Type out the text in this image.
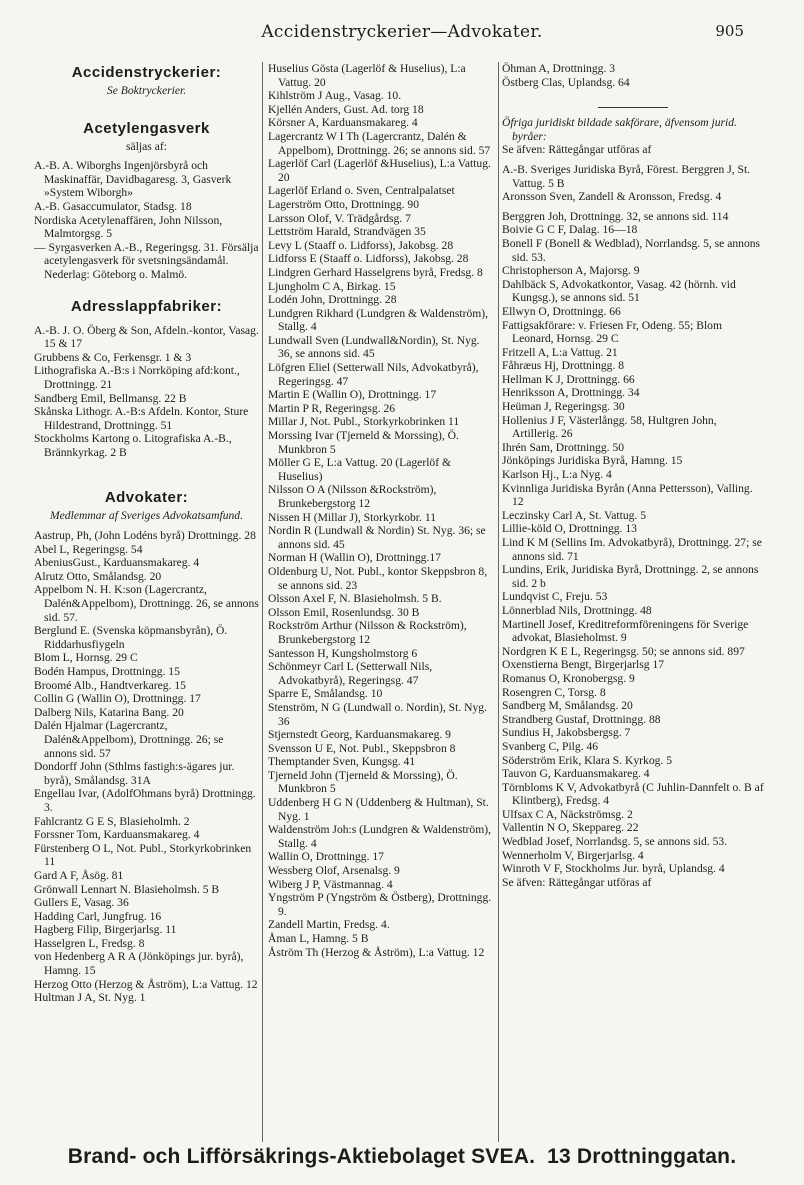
Accidenstryckerier—Advokater.	905

Accidenstryckerier:

Se Boktryckerier.

Acetylengasverk

säljas af:

A.-B. A. Wiborghs Ingenjörsbyrå och Maskinaffär, Davidbagaresg. 3, Gasverk »System Wiborgh»

A.-B. Gasaccumulator, Stadsg. 18

Nordiska Acetylenaffären, John Nilsson, Malmtorgsg. 5

— Syrgasverken A.-B., Regeringsg. 31. Försälja acetylengasverk för svetsningsändamål. Nederlag: Göteborg o. Malmö.

Adresslappfabriker:

A.-B. J. O. Öberg & Son, Afdeln.-kontor, Vasag. 15 & 17

Grubbens & Co, Ferkensgr. 1 & 3

Lithografiska A.-B:s i Norrköping afd:kont., Drottningg. 21

Sandberg Emil, Bellmansg. 22 B

Skånska Lithogr. A.-B:s Afdeln. Kontor, Sture Hildestrand, Drottningg. 51

Stockholms Kartong o. Litografiska A.-B., Brännkyrkag. 2 B

Advokater:

Medlemmar af Sveriges Advokatsamfund.

Aastrup, Ph, (John Lodéns byrå) Drottningg. 28

Abel L, Regeringsg. 54

AbeniusGust., Karduansmakareg. 4

Alrutz Otto, Smålandsg. 20

Appelbom N. H. K:son (Lagercrantz, Dalén&Appelbom), Drottningg. 26, se annons sid. 57.

Berglund E. (Svenska köpmansbyrån), Ö. Riddarhusfiygeln

Blom L, Hornsg. 29 C

Bodén Hampus, Drottningg. 15

Broomé Alb., Handtverkareg. 15

Collin G (Wallin O), Drottningg. 17

Dalberg Nils, Katarina Bang. 20

Dalén Hjalmar (Lagercrantz, Dalén&Appelbom), Drottningg. 26; se annons sid. 57

Dondorff John (Sthlms fastigh:s-ägares jur. byrå), Smålandsg. 31A

Engellau Ivar, (AdolfOhmans byrå) Drottningg. 3.

Fahlcrantz G E S, Blasieholmh. 2

Forssner Tom, Karduansmakareg. 4

Fürstenberg O L, Not. Publ., Storkyrkobrinken 11

Gard A F, Åsög. 81

Grönwall Lennart N. Blasieholmsh. 5 B

Gullers E, Vasag. 36

Hadding Carl, Jungfrug. 16

Hagberg Filip, Birgerjarlsg. 11

Hasselgren L, Fredsg. 8

von Hedenberg A R A (Jönköpings jur. byrå), Hamng. 15

Herzog Otto (Herzog & Åström), L:a Vattug. 12

Hultman J A, St. Nyg. 1

Huselius Gösta (Lagerlöf & Huselius), L:a Vattug. 20

Kihlström J Aug., Vasag. 10.

Kjellén Anders, Gust. Ad. torg 18

Körsner A, Karduansmakareg. 4

Lagercrantz W I Th (Lagercrantz, Dalén & Appelbom), Drottningg. 26; se annons sid. 57

Lagerlöf Carl (Lagerlöf &Huselius), L:a Vattug. 20

Lagerlöf Erland o. Sven, Centralpalatset

Lagerström Otto, Drottningg. 90

Larsson Olof, V. Trädgårdsg. 7

Lettström Harald, Strandvägen 35

Levy L (Staaff o. Lidforss), Jakobsg. 28

Lidforss E (Staaff o. Lidforss), Jakobsg. 28

Lindgren Gerhard Hasselgrens byrå, Fredsg. 8

Ljungholm C A, Birkag. 15

Lodén John, Drottningg. 28

Lundgren Rikhard (Lundgren & Waldenström), Stallg. 4

Lundwall Sven (Lundwall&Nordin), St. Nyg. 36, se annons sid. 45

Löfgren Eliel (Setterwall Nils, Advokatbyrå), Regeringsg. 47

Martin E (Wallin O), Drottningg. 17

Martin P R, Regeringsg. 26

Millar J, Not. Publ., Storkyrkobrinken 11

Morssing Ivar (Tjerneld & Morssing), Ö. Munkbron 5

Möller G E, L:a Vattug. 20 (Lagerlöf & Huselius)

Nilsson O A (Nilsson &Rockström), Brunkebergstorg 12

Nissen H (Millar J), Storkyrkobr. 11

Nordin R (Lundwall & Nordin) St. Nyg. 36; se annons sid. 45

Norman H (Wallin O), Drottningg.17

Oldenburg U, Not. Publ., kontor Skeppsbron 8, se annons sid. 23

Olsson Axel F, N. Blasieholmsh. 5 B.

Olsson Emil, Rosenlundsg. 30 B

Rockström Arthur (Nilsson & Rockström), Brunkebergstorg 12

Santesson H, Kungsholmstorg 6

Schönmeyr Carl L (Setterwall Nils, Advokatbyrå), Regeringsg. 47

Sparre E, Smålandsg. 10

Stenström, N G (Lundwall o. Nordin), St. Nyg. 36

Stjernstedt Georg, Karduansmakareg. 9

Svensson U E, Not. Publ., Skeppsbron 8

Themptander Sven, Kungsg. 41

Tjerneld John (Tjerneld & Morssing), Ö. Munkbron 5

Uddenberg H G N (Uddenberg & Hultman), St. Nyg. 1

Waldenström Joh:s (Lundgren & Waldenström), Stallg. 4

Wallin O, Drottningg. 17

Wessberg Olof, Arsenalsg. 9

Wiberg J P, Västmannag. 4

Yngström P (Yngström & Östberg), Drottningg. 9.

Zandell Martin, Fredsg. 4.

Åman L, Hamng. 5 B

Åström Th (Herzog & Åström), L:a Vattug. 12

Öhman A, Drottningg. 3

Östberg Clas, Uplandsg. 64

Öfriga juridiskt bildade sakförare, äfvensom jurid. byråer:

Se äfven: Rättegångar utföras af

A.-B. Sveriges Juridiska Byrå, Förest. Berggren J, St. Vattug. 5 B

Aronsson Sven, Zandell & Aronsson, Fredsg. 4

Berggren Joh, Drottningg. 32, se annons sid. 114

Boivie G C F, Dalag. 16—18

Bonell F (Bonell & Wedblad), Norrlandsg. 5, se annons sid. 53.

Christopherson A, Majorsg. 9

Dahlbäck S, Advokatkontor, Vasag. 42 (hörnh. vid Kungsg.), se annons sid. 51

Ellwyn O, Drottningg. 66

Fattigsakförare: v. Friesen Fr, Odeng. 55; Blom Leonard, Hornsg. 29 C

Fritzell A, L:a Vattug. 21

Fåhræus Hj, Drottningg. 8

Hellman K J, Drottningg. 66

Henriksson A, Drottningg. 34

Heüman J, Regeringsg. 30

Hollenius J F, Västerlångg. 58, Hultgren John, Artillerig. 26

Ihrén Sam, Drottningg. 50

Jönköpings Juridiska Byrå, Hamng. 15

Karlson Hj., L:a Nyg. 4

Kvinnliga Juridiska Byrån (Anna Pettersson), Valling. 12

Leczinsky Carl A, St. Vattug. 5

Lillie-köld O, Drottningg. 13

Lind K M (Sellins Im. Advokatbyrå), Drottningg. 27; se annons sid. 71

Lundins, Erik, Juridiska Byrå, Drottningg. 2, se annons sid. 2 b

Lundqvist C, Freju. 53

Lönnerblad Nils, Drottningg. 48

Martinell Josef, Kreditreformföreningens för Sverige advokat, Blasieholmst. 9

Nordgren K E L, Regeringsg. 50; se annons sid. 897

Oxenstierna Bengt, Birgerjarlsg 17

Romanus O, Kronobergsg. 9

Rosengren C, Torsg. 8

Sandberg M, Smålandsg. 20

Strandberg Gustaf, Drottningg. 88

Sundius H, Jakobsbergsg. 7

Svanberg C, Pilg. 46

Söderström Erik, Klara S. Kyrkog. 5

Tauvon G, Karduansmakareg. 4

Törnbloms K V, Advokatbyrå (C Juhlin-Dannfelt o. B af Klintberg), Fredsg. 4

Ulfsax C A, Näckströmsg. 2

Vallentin N O, Skeppareg. 22

Wedblad Josef, Norrlandsg. 5, se annons sid. 53.

Wennerholm V, Birgerjarlsg. 4

Winroth V F, Stockholms Jur. byrå, Uplandsg. 4

Se äfven: Rättegångar utföras af

Brand- och Lifförsäkrings-Aktiebolaget SVEA. 13 Drottninggatan.
